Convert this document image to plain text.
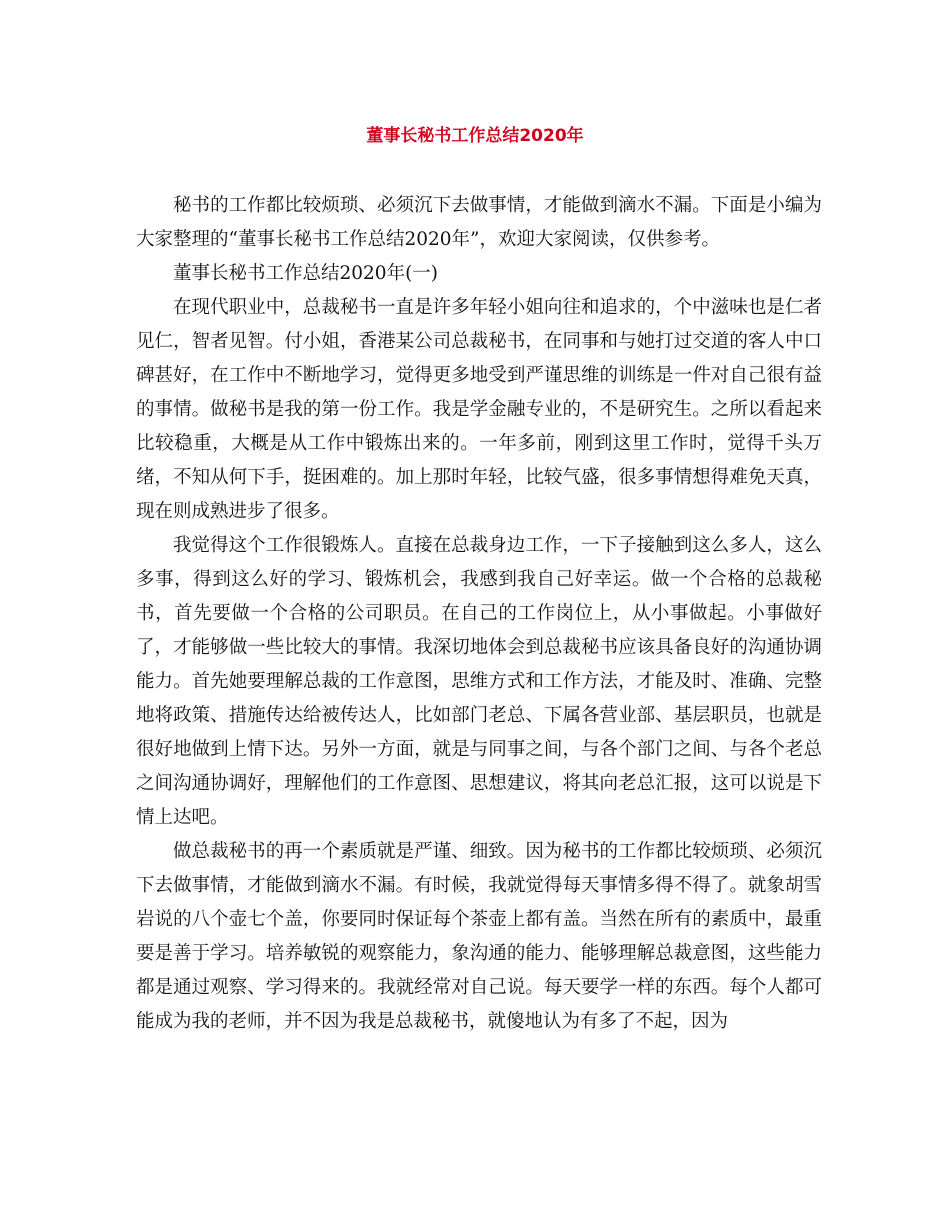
董事长秘书工作总结2020年

秘书的工作都比较烦琐、必须沉下去做事情，才能做到滴水不漏。下面是小编为大家整理的“董事长秘书工作总结2020年”，欢迎大家阅读，仅供参考。

董事长秘书工作总结2020年(一)

在现代职业中，总裁秘书一直是许多年轻小姐向往和追求的，个中滋味也是仁者见仁，智者见智。付小姐，香港某公司总裁秘书，在同事和与她打过交道的客人中口碑甚好，在工作中不断地学习，觉得更多地受到严谨思维的训练是一件对自己很有益的事情。做秘书是我的第一份工作。我是学金融专业的，不是研究生。之所以看起来比较稳重，大概是从工作中锻炼出来的。一年多前，刚到这里工作时，觉得千头万绪，不知从何下手，挺困难的。加上那时年轻，比较气盛，很多事情想得难免天真，现在则成熟进步了很多。

我觉得这个工作很锻炼人。直接在总裁身边工作，一下子接触到这么多人，这么多事，得到这么好的学习、锻炼机会，我感到我自己好幸运。做一个合格的总裁秘书，首先要做一个合格的公司职员。在自己的工作岗位上，从小事做起。小事做好了，才能够做一些比较大的事情。我深切地体会到总裁秘书应该具备良好的沟通协调能力。首先她要理解总裁的工作意图，思维方式和工作方法，才能及时、准确、完整地将政策、措施传达给被传达人，比如部门老总、下属各营业部、基层职员，也就是很好地做到上情下达。另外一方面，就是与同事之间，与各个部门之间、与各个老总之间沟通协调好，理解他们的工作意图、思想建议，将其向老总汇报，这可以说是下情上达吧。

做总裁秘书的再一个素质就是严谨、细致。因为秘书的工作都比较烦琐、必须沉下去做事情，才能做到滴水不漏。有时候，我就觉得每天事情多得不得了。就象胡雪岩说的八个壶七个盖，你要同时保证每个茶壶上都有盖。当然在所有的素质中，最重要是善于学习。培养敏锐的观察能力，象沟通的能力、能够理解总裁意图，这些能力都是通过观察、学习得来的。我就经常对自己说。每天要学一样的东西。每个人都可能成为我的老师，并不因为我是总裁秘书，就傻地认为有多了不起，因为
